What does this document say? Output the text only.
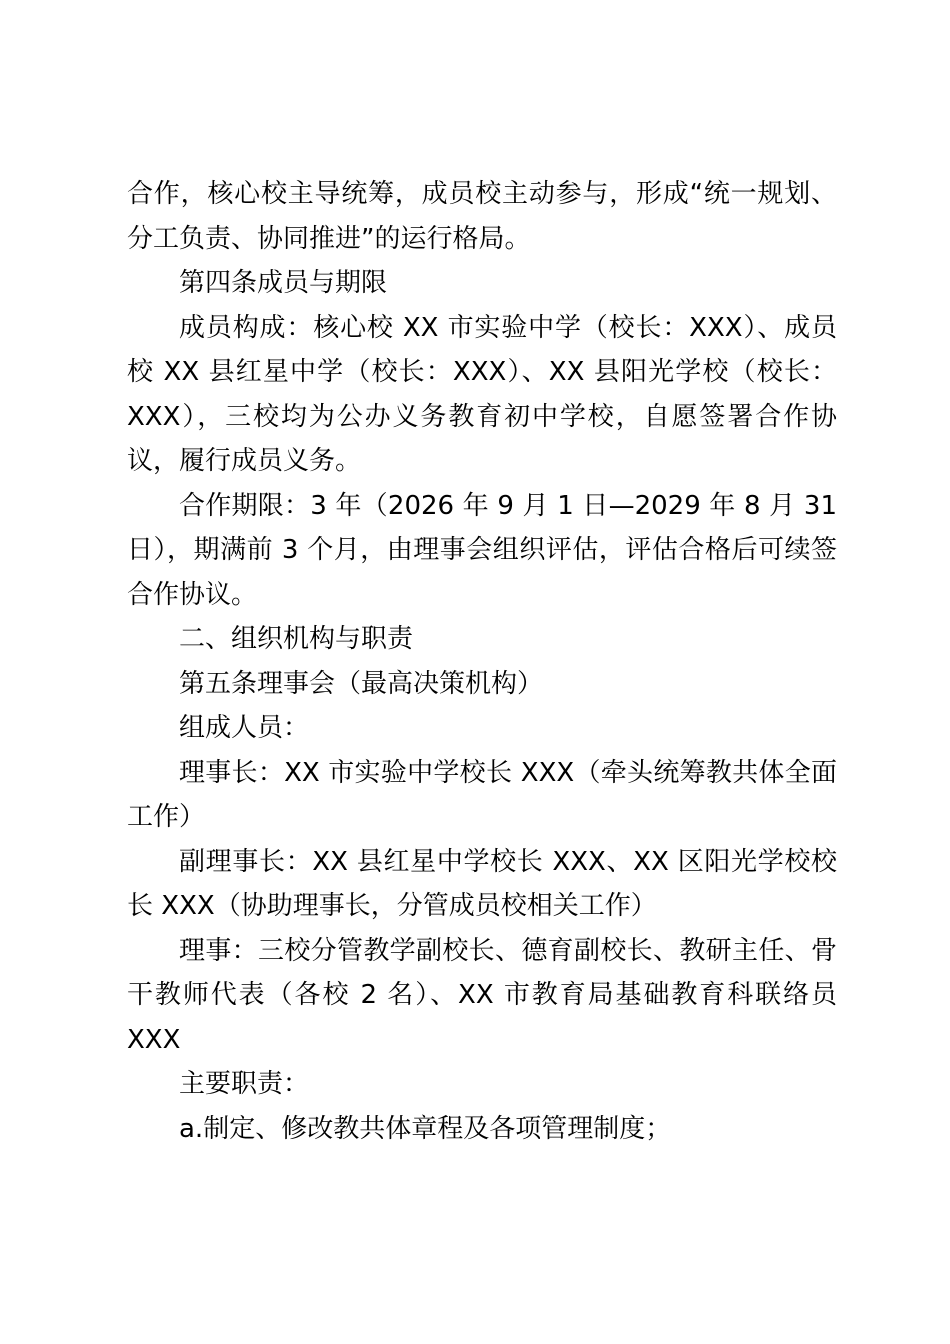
合作，核心校主导统筹，成员校主动参与，形成“统一规划、分工负责、协同推进”的运行格局。

第四条成员与期限

成员构成：核心校 XX 市实验中学（校长：XXX）、成员校 XX 县红星中学（校长：XXX）、XX 县阳光学校（校长：XXX），三校均为公办义务教育初中学校，自愿签署合作协议，履行成员义务。

合作期限：3 年（2026 年 9 月 1 日—2029 年 8 月 31 日），期满前 3 个月，由理事会组织评估，评估合格后可续签合作协议。

二、组织机构与职责

第五条理事会（最高决策机构）

组成人员：

理事长：XX 市实验中学校长 XXX（牵头统筹教共体全面工作）

副理事长：XX 县红星中学校长 XXX、XX 区阳光学校校长 XXX（协助理事长，分管成员校相关工作）

理事：三校分管教学副校长、德育副校长、教研主任、骨干教师代表（各校 2 名）、XX 市教育局基础教育科联络员 XXX

主要职责：

a.制定、修改教共体章程及各项管理制度；
